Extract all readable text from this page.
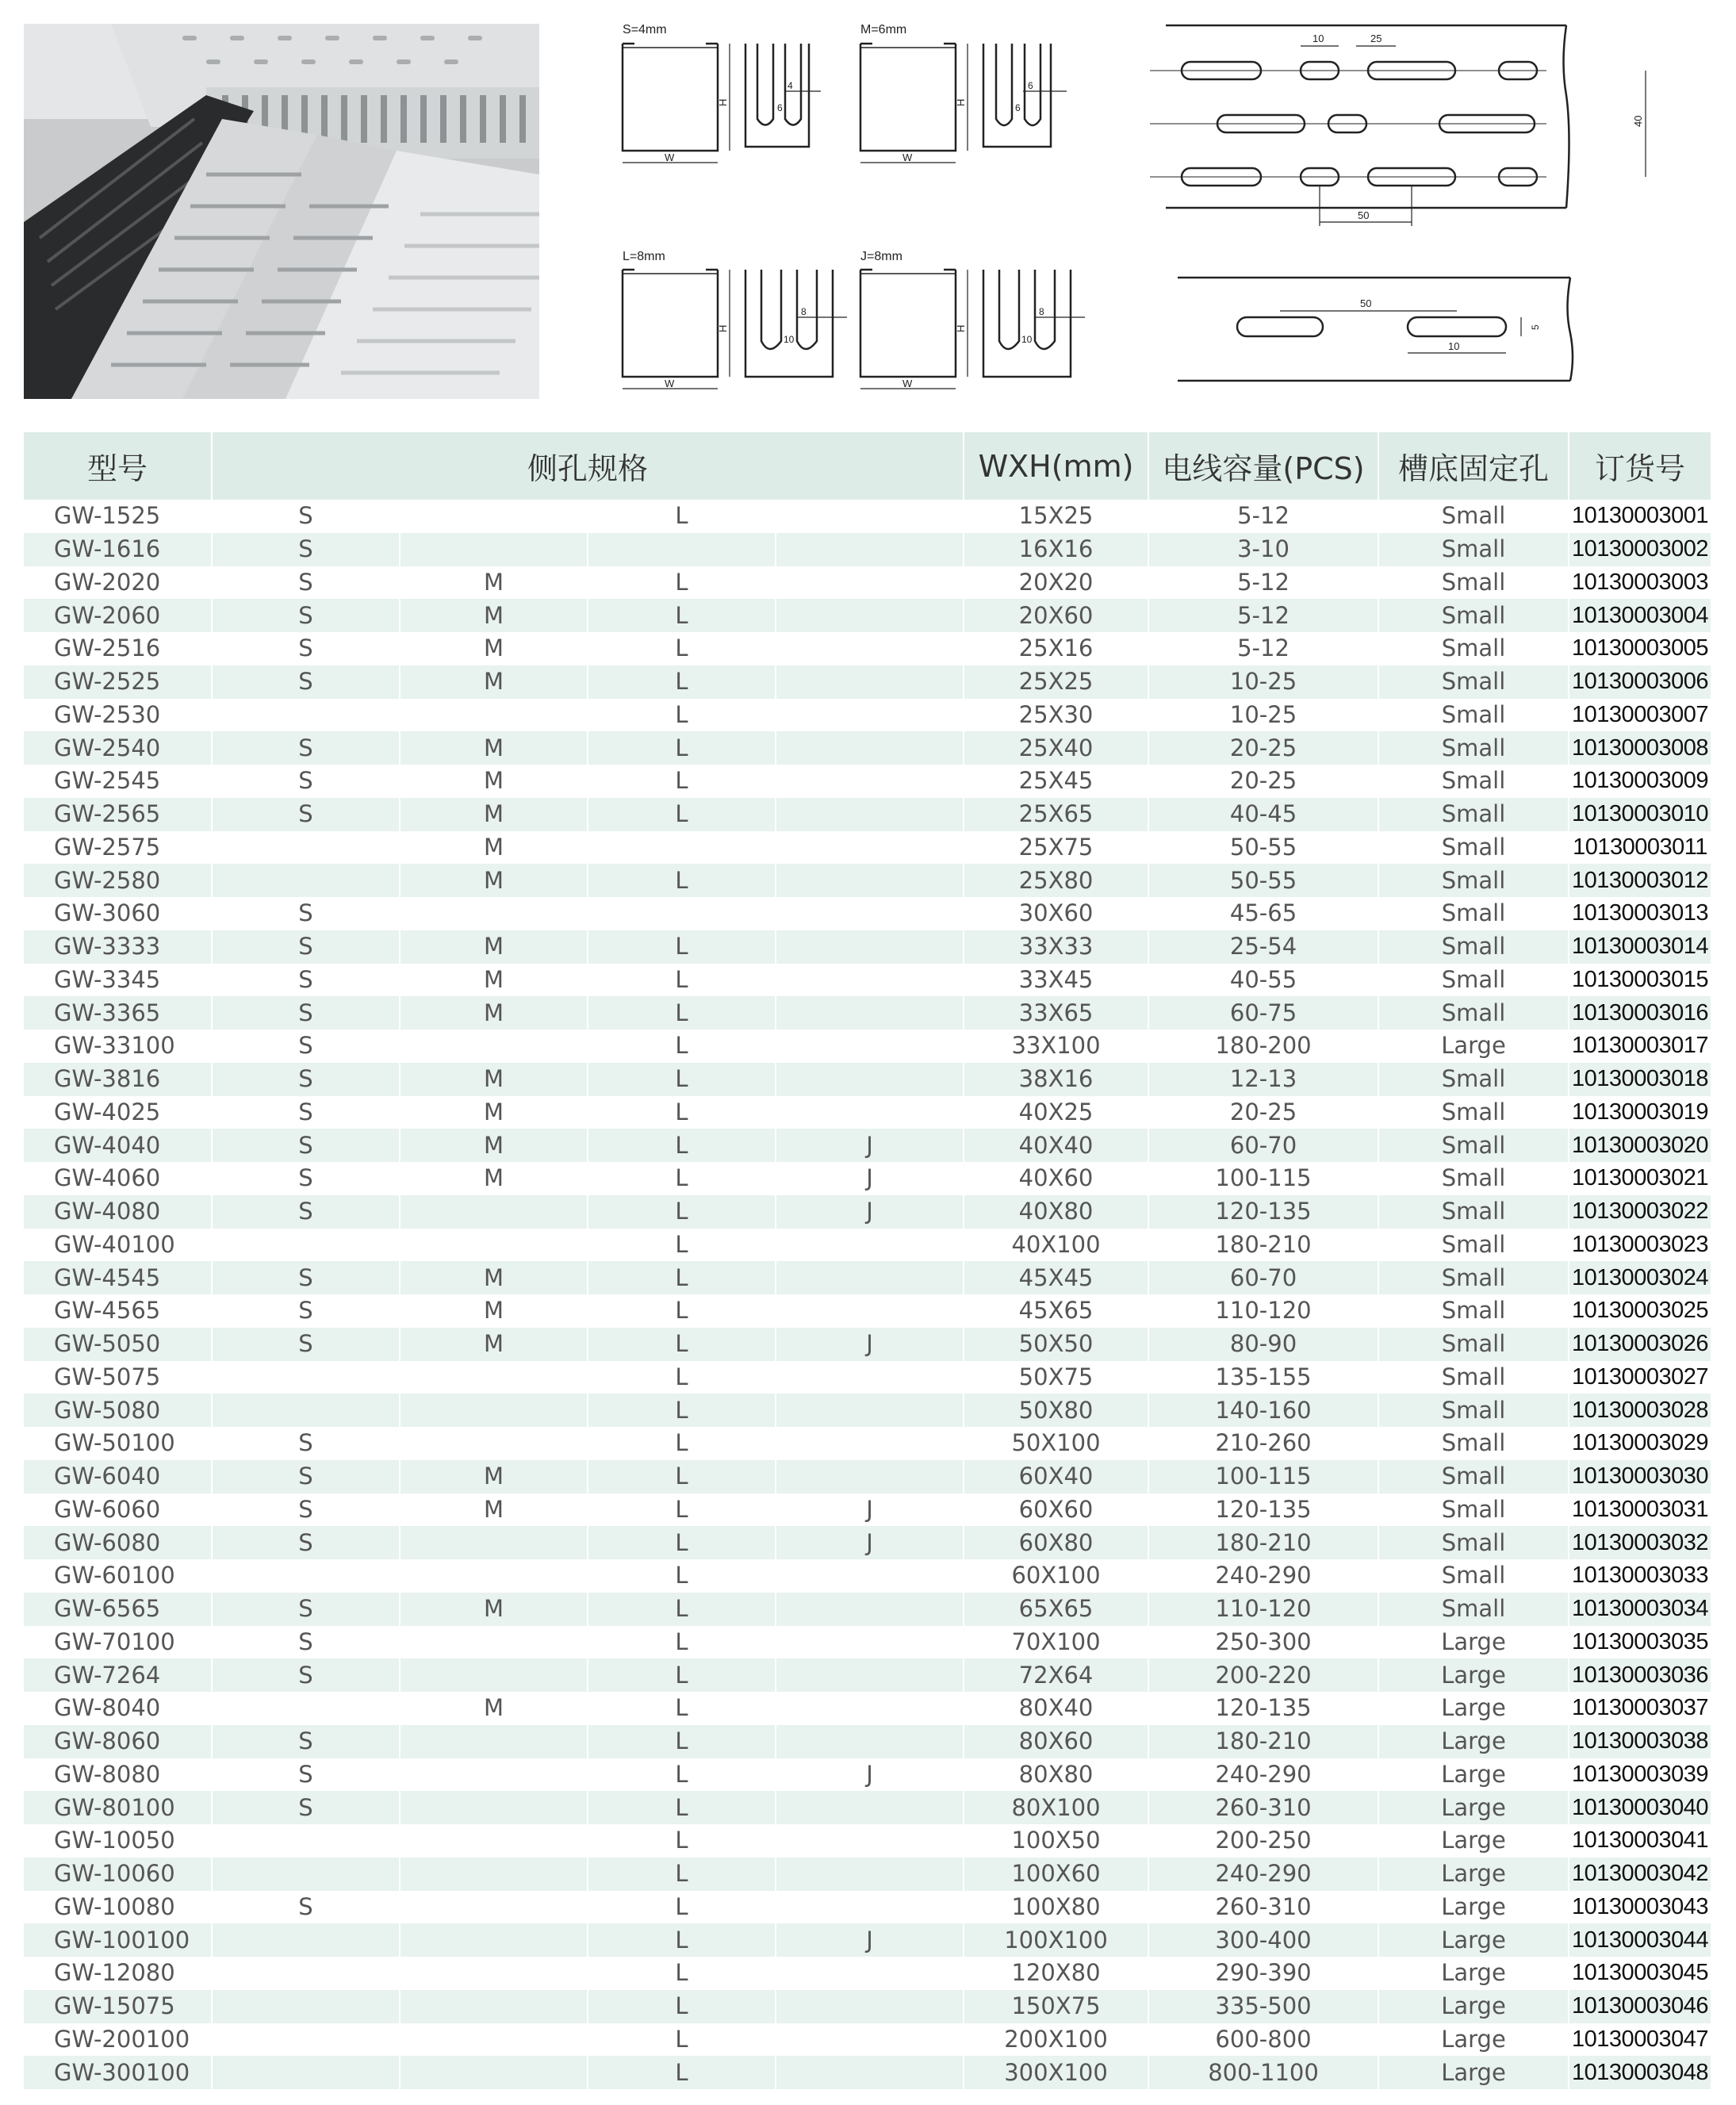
S=4mm
W
H
4
6
M=6mm
W
H
6
6
L=8mm
W
H
8
10
J=8mm
W
H
8
10
10	25
40
50
50
10
5
型号	侧孔规格				WXH(mm)	电线容量(PCS)	槽底固定孔	订货号
GW-1525	S		L		15X25	5-12	Small	10130003001
GW-1616	S				16X16	3-10	Small	10130003002
GW-2020	S	M	L		20X20	5-12	Small	10130003003
GW-2060	S	M	L		20X60	5-12	Small	10130003004
GW-2516	S	M	L		25X16	5-12	Small	10130003005
GW-2525	S	M	L		25X25	10-25	Small	10130003006
GW-2530			L		25X30	10-25	Small	10130003007
GW-2540	S	M	L		25X40	20-25	Small	10130003008
GW-2545	S	M	L		25X45	20-25	Small	10130003009
GW-2565	S	M	L		25X65	40-45	Small	10130003010
GW-2575		M			25X75	50-55	Small	10130003011
GW-2580		M	L		25X80	50-55	Small	10130003012
GW-3060	S				30X60	45-65	Small	10130003013
GW-3333	S	M	L		33X33	25-54	Small	10130003014
GW-3345	S	M	L		33X45	40-55	Small	10130003015
GW-3365	S	M	L		33X65	60-75	Small	10130003016
GW-33100	S		L		33X100	180-200	Large	10130003017
GW-3816	S	M	L		38X16	12-13	Small	10130003018
GW-4025	S	M	L		40X25	20-25	Small	10130003019
GW-4040	S	M	L	J	40X40	60-70	Small	10130003020
GW-4060	S	M	L	J	40X60	100-115	Small	10130003021
GW-4080	S		L	J	40X80	120-135	Small	10130003022
GW-40100			L		40X100	180-210	Small	10130003023
GW-4545	S	M	L		45X45	60-70	Small	10130003024
GW-4565	S	M	L		45X65	110-120	Small	10130003025
GW-5050	S	M	L	J	50X50	80-90	Small	10130003026
GW-5075			L		50X75	135-155	Small	10130003027
GW-5080			L		50X80	140-160	Small	10130003028
GW-50100	S		L		50X100	210-260	Small	10130003029
GW-6040	S	M	L		60X40	100-115	Small	10130003030
GW-6060	S	M	L	J	60X60	120-135	Small	10130003031
GW-6080	S		L	J	60X80	180-210	Small	10130003032
GW-60100			L		60X100	240-290	Small	10130003033
GW-6565	S	M	L		65X65	110-120	Small	10130003034
GW-70100	S		L		70X100	250-300	Large	10130003035
GW-7264	S		L		72X64	200-220	Large	10130003036
GW-8040		M	L		80X40	120-135	Large	10130003037
GW-8060	S		L		80X60	180-210	Large	10130003038
GW-8080	S		L	J	80X80	240-290	Large	10130003039
GW-80100	S		L		80X100	260-310	Large	10130003040
GW-10050			L		100X50	200-250	Large	10130003041
GW-10060			L		100X60	240-290	Large	10130003042
GW-10080	S		L		100X80	260-310	Large	10130003043
GW-100100			L	J	100X100	300-400	Large	10130003044
GW-12080			L		120X80	290-390	Large	10130003045
GW-15075			L		150X75	335-500	Large	10130003046
GW-200100			L		200X100	600-800	Large	10130003047
GW-300100			L		300X100	800-1100	Large	10130003048
